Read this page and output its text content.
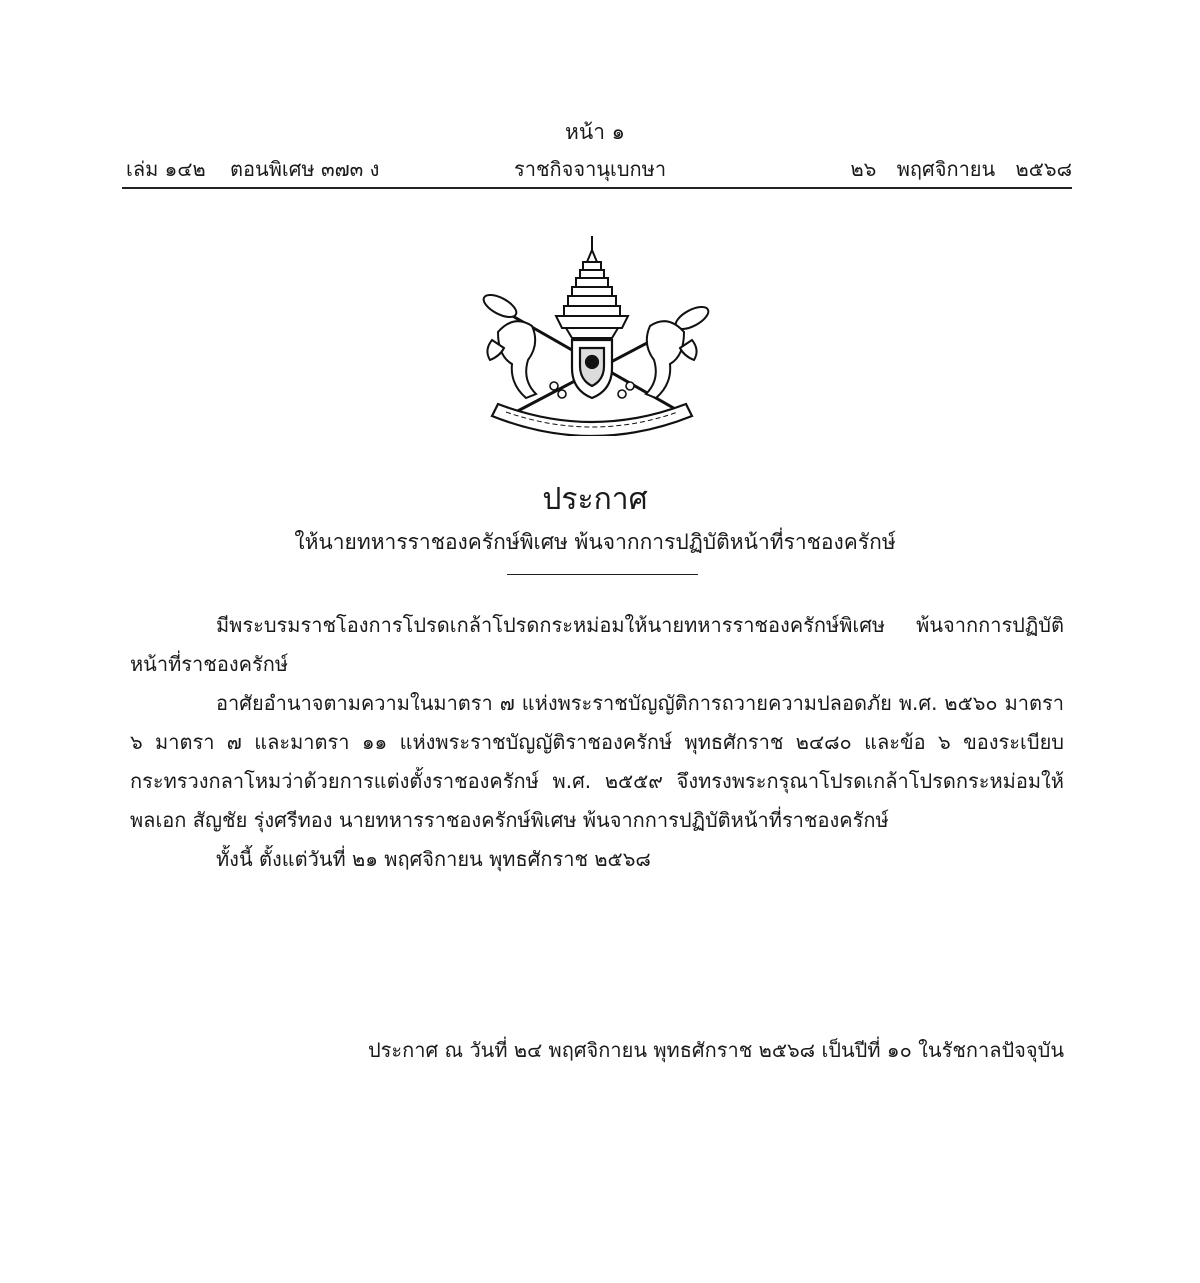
หน้า ๑
เล่ม ๑๔๒ ตอนพิเศษ ๓๗๓ ง	ราชกิจจานุเบกษา	๒๖ พฤศจิกายน ๒๕๖๘
ประกาศ
ให้นายทหารราชองครักษ์พิเศษ พ้นจากการปฏิบัติหน้าที่ราชองครักษ์

มีพระบรมราชโองการโปรดเกล้าโปรดกระหม่อมให้นายทหารราชองครักษ์พิเศษ พ้นจากการปฏิบัติหน้าที่ราชองครักษ์

อาศัยอำนาจตามความในมาตรา ๗ แห่งพระราชบัญญัติการถวายความปลอดภัย พ.ศ. ๒๕๖๐ มาตรา ๖ มาตรา ๗ และมาตรา ๑๑ แห่งพระราชบัญญัติราชองครักษ์ พุทธศักราช ๒๔๘๐ และข้อ ๖ ของระเบียบกระทรวงกลาโหมว่าด้วยการแต่งตั้งราชองครักษ์ พ.ศ. ๒๕๕๙ จึงทรงพระกรุณาโปรดเกล้าโปรดกระหม่อมให้ พลเอก สัญชัย รุ่งศรีทอง นายทหารราชองครักษ์พิเศษ พ้นจากการปฏิบัติหน้าที่ราชองครักษ์

ทั้งนี้ ตั้งแต่วันที่ ๒๑ พฤศจิกายน พุทธศักราช ๒๕๖๘

ประกาศ ณ วันที่ ๒๔ พฤศจิกายน พุทธศักราช ๒๕๖๘ เป็นปีที่ ๑๐ ในรัชกาลปัจจุบัน
